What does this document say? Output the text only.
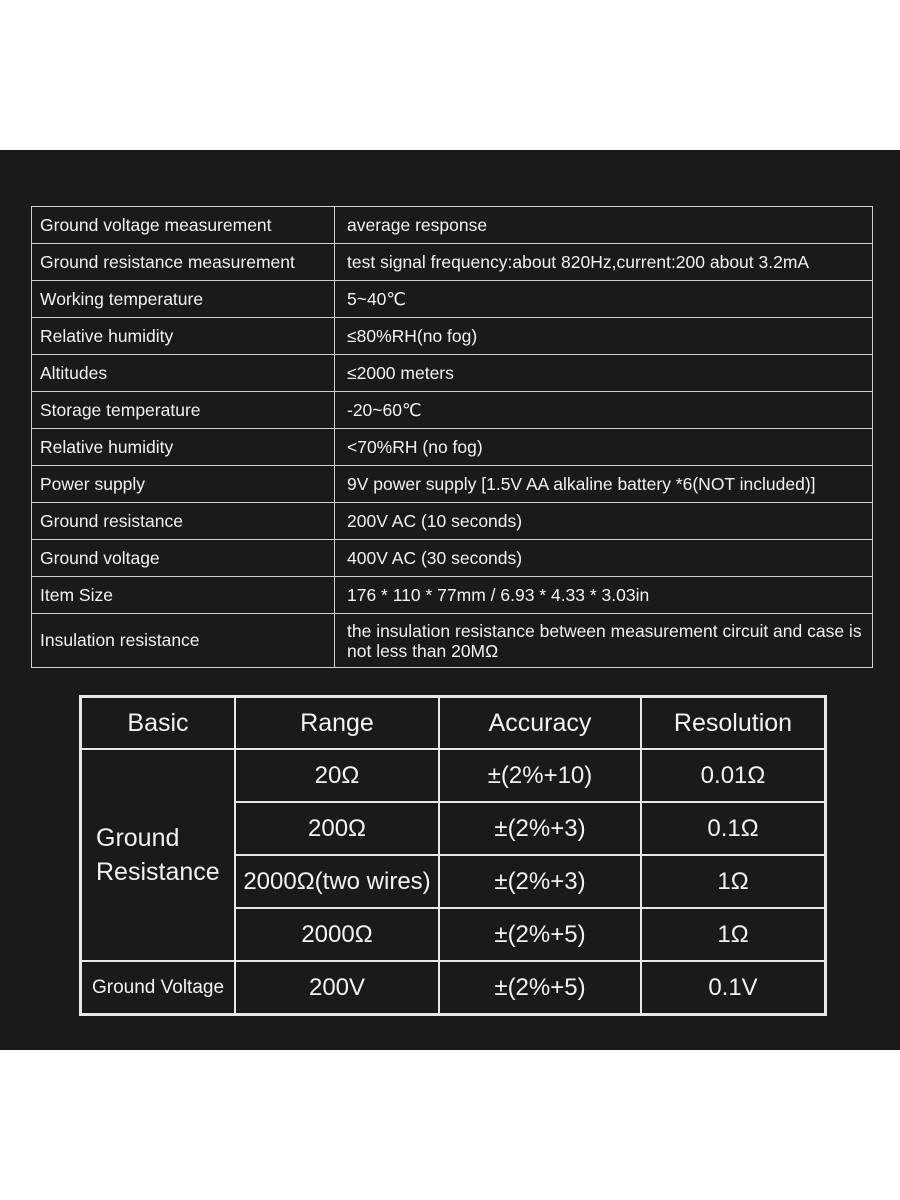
Ground voltage measurement	average response
Ground resistance measurement	test signal frequency:about 820Hz,current:200 about 3.2mA
Working temperature	5~40℃
Relative humidity	≤80%RH(no fog)
Altitudes	≤2000 meters
Storage temperature	-20~60℃
Relative humidity	<70%RH (no fog)
Power supply	9V power supply [1.5V AA alkaline battery *6(NOT included)]
Ground resistance	200V AC (10 seconds)
Ground voltage	400V AC (30 seconds)
Item Size	176 * 110 * 77mm / 6.93 * 4.33 * 3.03in
Insulation resistance	the insulation resistance between measurement circuit and case is not less than 20MΩ
Basic	Range	Accuracy	Resolution
Ground
Resistance	20Ω	±(2%+10)	0.01Ω
	200Ω	±(2%+3)	0.1Ω
	2000Ω(two wires)	±(2%+3)	1Ω
	2000Ω	±(2%+5)	1Ω
Ground Voltage	200V	±(2%+5)	0.1V
